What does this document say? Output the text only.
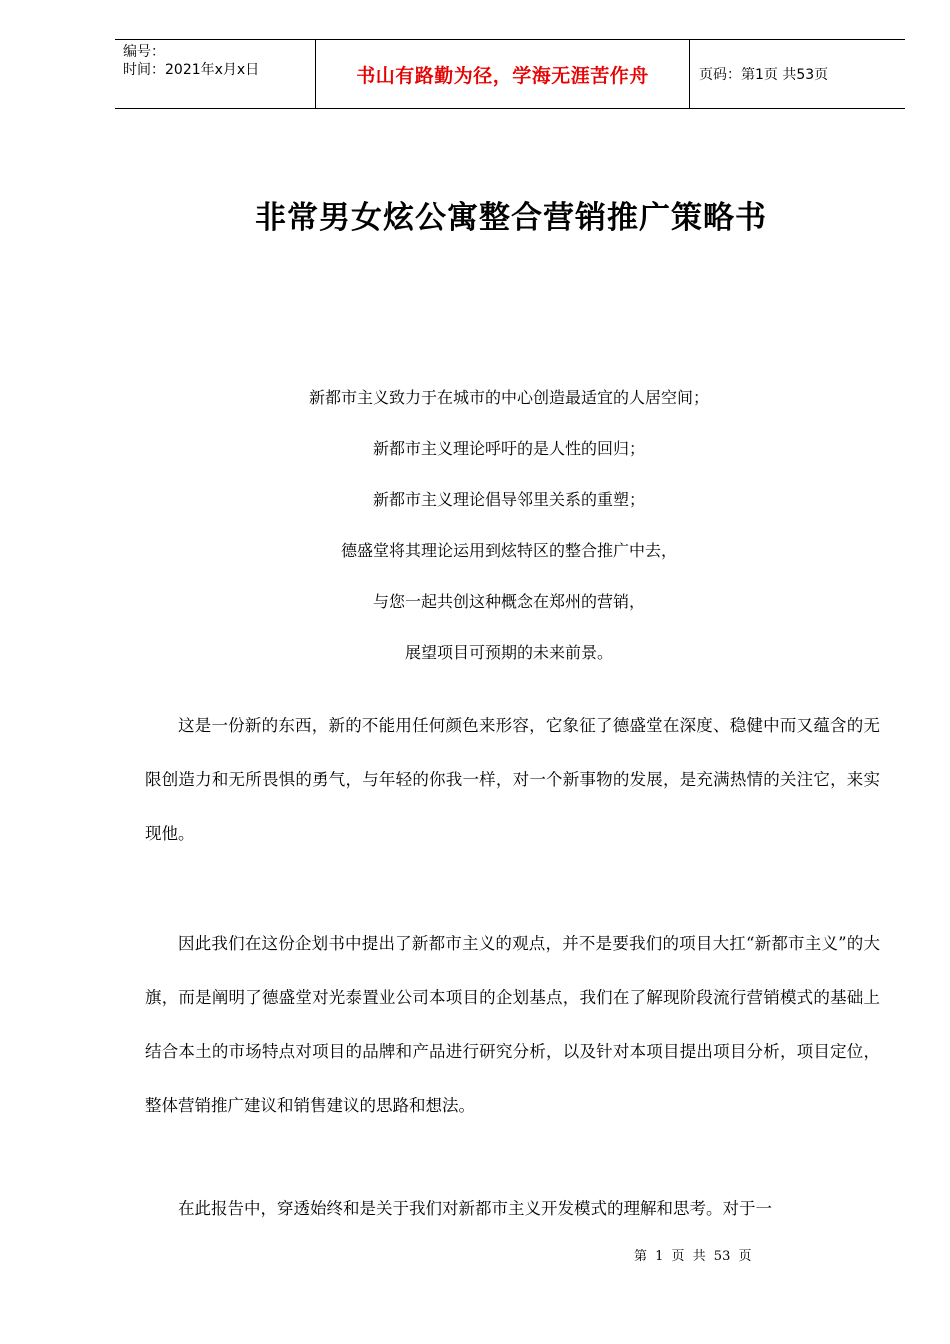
编号：
时间：2021年x月x日	书山有路勤为径，学海无涯苦作舟	页码：第1页 共53页
非常男女炫公寓整合营销推广策略书
新都市主义致力于在城市的中心创造最适宜的人居空间；
新都市主义理论呼吁的是人性的回归；
新都市主义理论倡导邻里关系的重塑；
德盛堂将其理论运用到炫特区的整合推广中去，
与您一起共创这种概念在郑州的营销，
展望项目可预期的未来前景。

这是一份新的东西，新的不能用任何颜色来形容，它象征了德盛堂在深度、稳健中而又蕴含的无限创造力和无所畏惧的勇气，与年轻的你我一样，对一个新事物的发展，是充满热情的关注它，来实现他。

因此我们在这份企划书中提出了新都市主义的观点，并不是要我们的项目大扛“新都市主义”的大旗，而是阐明了德盛堂对光泰置业公司本项目的企划基点，我们在了解现阶段流行营销模式的基础上结合本土的市场特点对项目的品牌和产品进行研究分析，以及针对本项目提出项目分析，项目定位，整体营销推广建议和销售建议的思路和想法。

在此报告中，穿透始终和是关于我们对新都市主义开发模式的理解和思考。对于一

第 1 页 共 53 页
